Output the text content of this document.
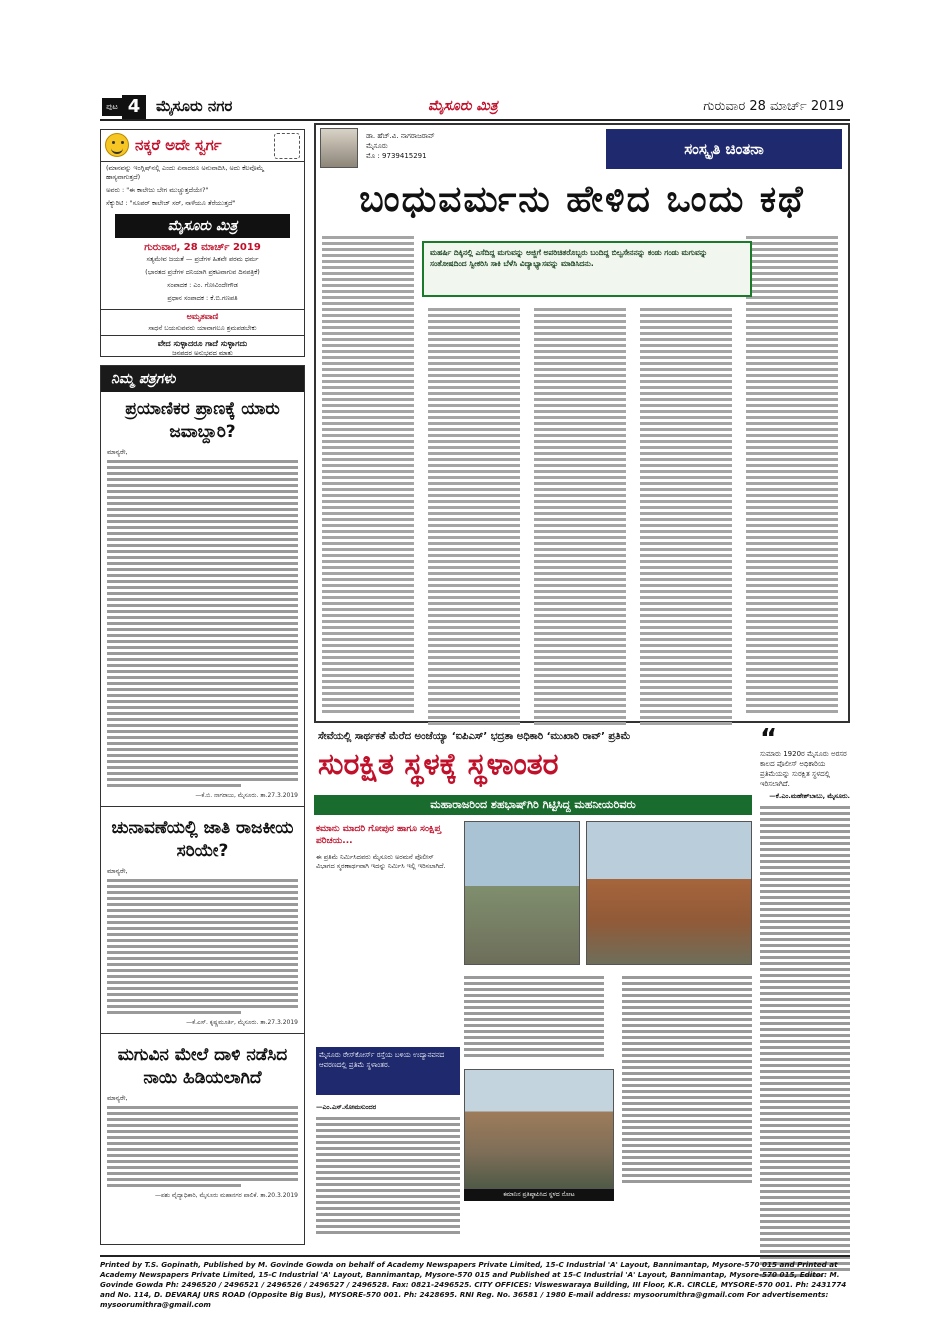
ಪುಟ 4	ಮೈಸೂರು ನಗರ	ಮೈಸೂರು ಮಿತ್ರ	ಗುರುವಾರ 28 ಮಾರ್ಚ್ 2019
ನಕ್ಕರೆ ಅದೇ ಸ್ವರ್ಗ
(ಮಾನವನ್ನು ಇಂಗ್ಲಿಷ್‌ನಲ್ಲಿ ಎಂದು ಏನಾದರೂ ಅನುವಾದಿಸಿ, ಅದು ಕೆಲವೊಮ್ಮೆ ಹಾಸ್ಯವಾಗುತ್ತದೆ)
ಅವರು : "ಈ ಕಾಲೇಜು ಬೇಗ ಮುಚ್ಚುತ್ತದೆಯೇ?"
ಸೆಕ್ಯುರಿಟಿ : "ಸೂಪರ್ ಕಾಲೇಜ್ ಸರ್, ನಾಳೆಯೂ ತೆರೆಯುತ್ತದೆ"
ಮೈಸೂರು ಮಿತ್ರ
ಗುರುವಾರ, 28 ಮಾರ್ಚ್ 2019
ಸತ್ಯಮೇವ ಜಯತೆ — ಪ್ರಜೆಗಳ ಹಿತವೇ ಪರಮ ಧರ್ಮ
(ಭಾರತದ ಪ್ರಜೆಗಳ ದನಿಯಾಗಿ ಪ್ರಕಟವಾಗುವ ದಿನಪತ್ರಿಕೆ)
ಸಂಪಾದಕ : ಎಂ. ಗೋವಿಂದೇಗೌಡ
ಪ್ರಧಾನ ಸಂಪಾದಕ : ಕೆ.ಬಿ.ಗಣಪತಿ
ಅಮೃತವಾಣಿ
ಸಾಧನೆ ಬಯಸುವವರು ಯಾವಾಗಲೂ ಶ್ರಮಪಡಬೇಕು
ವೇದ ಸುಳ್ಳಾದರೂ ಗಾದೆ ಸುಳ್ಳಾಗದು
ಜನಪದರ ಅನುಭವದ ಮಾತು
ನಿಮ್ಮ ಪತ್ರಗಳು
ಪ್ರಯಾಣಿಕರ ಪ್ರಾಣಕ್ಕೆ ಯಾರು ಜವಾಬ್ದಾರಿ?
ಮಾನ್ಯರೇ,
—ಕೆ.ಬಿ. ನಾಗರಾಜು, ಮೈಸೂರು. ತಾ.27.3.2019
ಚುನಾವಣೆಯಲ್ಲಿ ಜಾತಿ ರಾಜಕೀಯ ಸರಿಯೇ?
ಮಾನ್ಯರೇ,
—ಕೆ.ಎಸ್. ಕೃಷ್ಣಮೂರ್ತಿ, ಮೈಸೂರು. ತಾ.27.3.2019
ಮಗುವಿನ ಮೇಲೆ ದಾಳಿ ನಡೆಸಿದ ನಾಯಿ ಹಿಡಿಯಲಾಗಿದೆ
ಮಾನ್ಯರೇ,
—ಪಶು ವೈದ್ಯಾಧಿಕಾರಿ, ಮೈಸೂರು ಮಹಾನಗರ ಪಾಲಿಕೆ. ತಾ.20.3.2019
ಡಾ. ಹೆಚ್.ವಿ. ನಾಗರಾಜರಾವ್
ಮೈಸೂರು
ಮೊ : 9739415291	ಸಂಸ್ಕೃತಿ ಚಿಂತನಾ
ಬಂಧುವರ್ಮನು ಹೇಳಿದ ಒಂದು ಕಥೆ
ಮಹರ್ಷಿ ದಿಕ್ಕಿನಲ್ಲಿ ಎಸೆದಿದ್ದ ಮಗುವನ್ನು ಅಜ್ಜಿಗೆ ಅಪರಿಚಿತರೊಬ್ಬರು ಬಂದಿದ್ದ ಬಿಲ್ವಸೇನನನ್ನು ಕಂಡು ಗಂಡು ಮಗುವನ್ನು ಸಂತೋಷದಿಂದ ಸ್ವೀಕರಿಸಿ ಸಾಕಿ ಬೆಳೆಸಿ ವಿದ್ಯಾಭ್ಯಾಸವನ್ನು ಮಾಡಿಸಿದನು.
ಸೇವೆಯಲ್ಲಿ ಸಾರ್ಥಕತೆ ಮೆರೆದ ಅಂಜೆಯ್ಯಾ ‘ಐಪಿಎಸ್’ ಭದ್ರತಾ ಅಧಿಕಾರಿ ‘ಮುಖಾರಿ ರಾವ್’ ಪ್ರತಿಮೆ
ಸುರಕ್ಷಿತ ಸ್ಥಳಕ್ಕೆ ಸ್ಥಳಾಂತರ
ಮಹಾರಾಜರಿಂದ ಶಹಭಾಷ್‌ಗಿರಿ ಗಿಟ್ಟಿಸಿದ್ದ ಮಹನೀಯರಿವರು
ಕಮಾನು ಮಾದರಿ ಗೋಪುರ ಹಾಗೂ ಸಂಕ್ಷಿಪ್ತ ಪರಿಚಯ...
ಈ ಪ್ರತಿಮೆ ನಿರ್ಮಿಸಿದವರು ಮೈಸೂರು ಅರಮನೆ ಪೊಲೀಸ್ ವಿಭಾಗದ ಸ್ಮರಣಾರ್ಥವಾಗಿ ಇದನ್ನು ನಿರ್ಮಿಸಿ ಇಲ್ಲಿ ಇರಿಸಲಾಗಿದೆ.
ಮೈಸೂರು ರೇಸ್‌ಕೋರ್ಸ್ ರಸ್ತೆಯ ಬಳಿಯ ಉದ್ಯಾನವನದ ಆವರಣದಲ್ಲಿ ಪ್ರತಿಮೆ ಸ್ಥಳಾಂತರ.
—ಎಂ.ಎಸ್.ಸೋಮಸುಂದರ
ಕಮಾನಿನ ಪ್ರತಿಷ್ಠಾಪಿಸಿದ ಸ್ಥಳದ ನೋಟ
“
ಸುಮಾರು 1920ರ ಮೈಸೂರು ಅರಸರ ಕಾಲದ ಪೊಲೀಸ್ ಅಧಿಕಾರಿಯ ಪ್ರತಿಮೆಯನ್ನು ಸುರಕ್ಷಿತ ಸ್ಥಳದಲ್ಲಿ ಇರಿಸಲಾಗಿದೆ.
—ಕೆ.ಎಂ.ಮಹೇಶ್‌ಬಾಬು, ಮೈಸೂರು.
Printed by T.S. Gopinath, Published by M. Govinde Gowda on behalf of Academy Newspapers Private Limited, 15-C Industrial 'A' Layout, Bannimantap, Mysore-570 015 and Printed at Academy Newspapers Private Limited, 15-C Industrial 'A' Layout, Bannimantap, Mysore-570 015 and Published at 15-C Industrial 'A' Layout, Bannimantap, Mysore-570 015, Editor: M. Govinde Gowda Ph: 2496520 / 2496521 / 2496526 / 2496527 / 2496528. Fax: 0821-2496525. CITY OFFICES: Visweswaraya Building, III Floor, K.R. CIRCLE, MYSORE-570 001. Ph: 2431774 and No. 114, D. DEVARAJ URS ROAD (Opposite Big Bus), MYSORE-570 001. Ph: 2428695. RNI Reg. No. 36581 / 1980 E-mail address: mysoorumithra@gmail.com For advertisements: mysoorumithra@gmail.com
